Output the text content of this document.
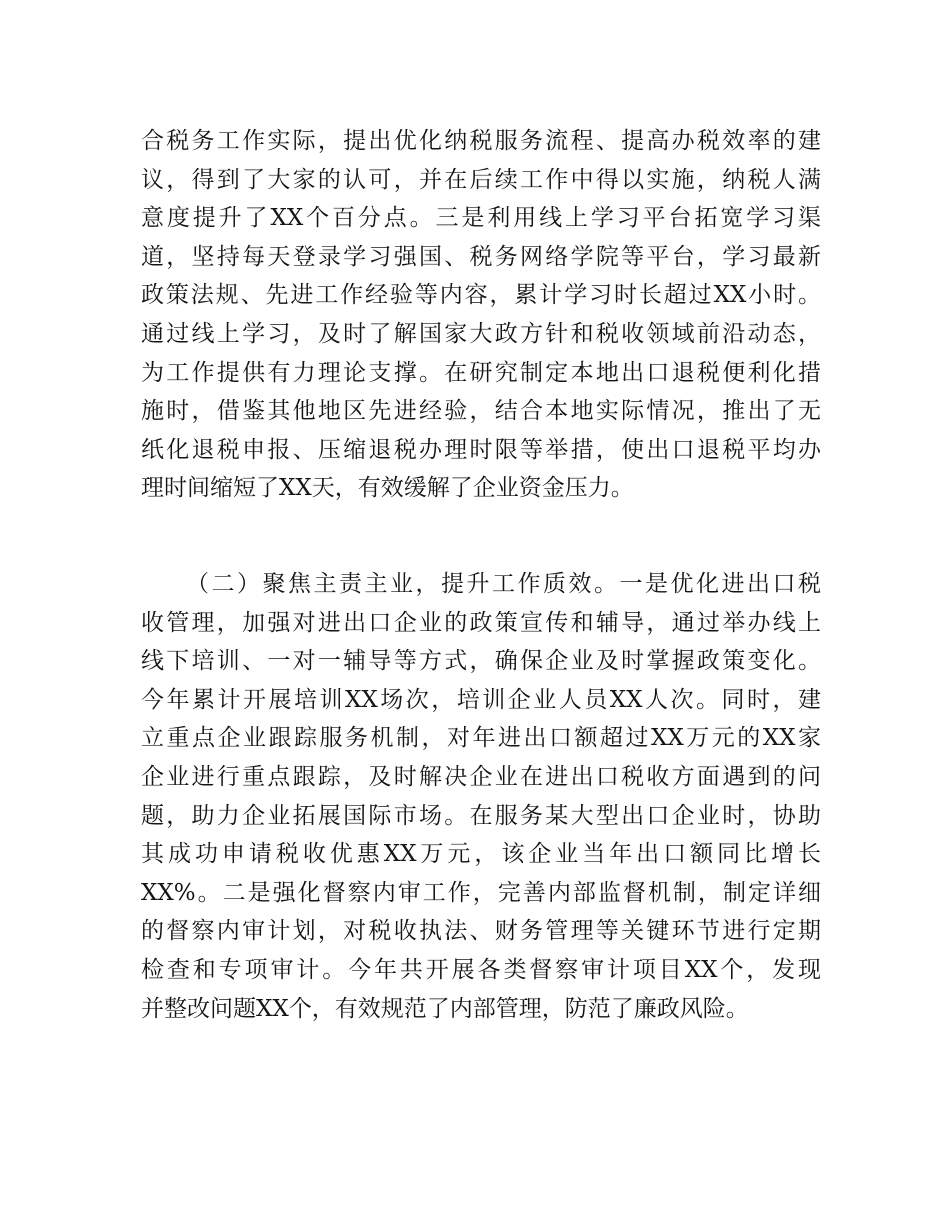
合税务工作实际，提出优化纳税服务流程、提高办税效率的建
议，得到了大家的认可，并在后续工作中得以实施，纳税人满
意度提升了XX个百分点。三是利用线上学习平台拓宽学习渠
道，坚持每天登录学习强国、税务网络学院等平台，学习最新
政策法规、先进工作经验等内容，累计学习时长超过XX小时。
通过线上学习，及时了解国家大政方针和税收领域前沿动态，
为工作提供有力理论支撑。在研究制定本地出口退税便利化措
施时，借鉴其他地区先进经验，结合本地实际情况，推出了无
纸化退税申报、压缩退税办理时限等举措，使出口退税平均办
理时间缩短了XX天，有效缓解了企业资金压力。
（二）聚焦主责主业，提升工作质效。一是优化进出口税
收管理，加强对进出口企业的政策宣传和辅导，通过举办线上
线下培训、一对一辅导等方式，确保企业及时掌握政策变化。
今年累计开展培训XX场次，培训企业人员XX人次。同时，建
立重点企业跟踪服务机制，对年进出口额超过XX万元的XX家
企业进行重点跟踪，及时解决企业在进出口税收方面遇到的问
题，助力企业拓展国际市场。在服务某大型出口企业时，协助
其成功申请税收优惠XX万元，该企业当年出口额同比增长
XX%。二是强化督察内审工作，完善内部监督机制，制定详细
的督察内审计划，对税收执法、财务管理等关键环节进行定期
检查和专项审计。今年共开展各类督察审计项目XX个，发现
并整改问题XX个，有效规范了内部管理，防范了廉政风险。
